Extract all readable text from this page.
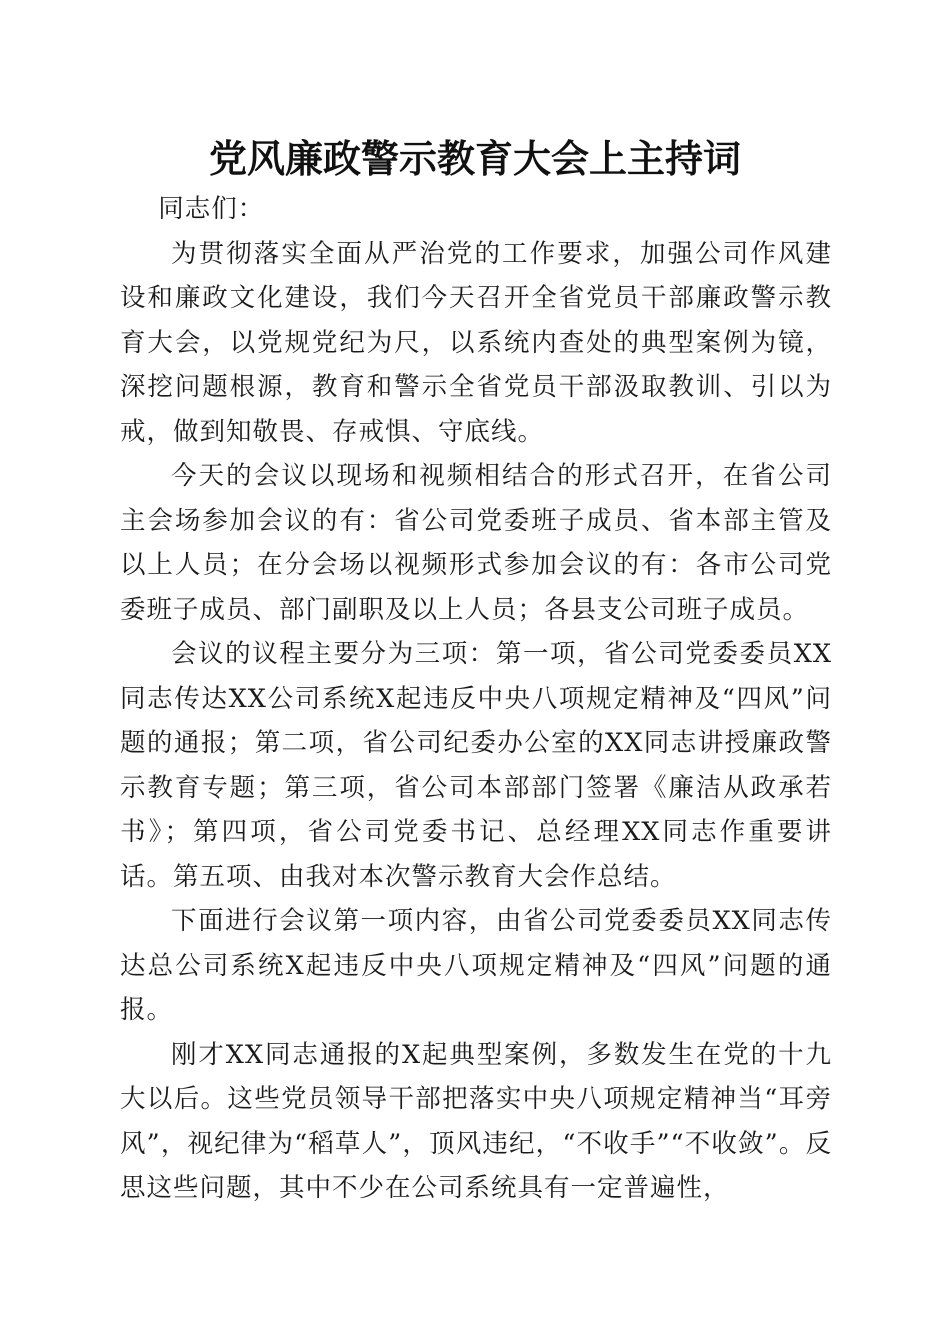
党风廉政警示教育大会上主持词

同志们：

为贯彻落实全面从严治党的工作要求，加强公司作风建设和廉政文化建设，我们今天召开全省党员干部廉政警示教育大会，以党规党纪为尺，以系统内查处的典型案例为镜，深挖问题根源，教育和警示全省党员干部汲取教训、引以为戒，做到知敬畏、存戒惧、守底线。

今天的会议以现场和视频相结合的形式召开，在省公司主会场参加会议的有：省公司党委班子成员、省本部主管及以上人员；在分会场以视频形式参加会议的有：各市公司党委班子成员、部门副职及以上人员；各县支公司班子成员。

会议的议程主要分为三项：第一项，省公司党委委员XX同志传达XX公司系统X起违反中央八项规定精神及“四风”问题的通报；第二项，省公司纪委办公室的XX同志讲授廉政警示教育专题；第三项，省公司本部部门签署《廉洁从政承若书》；第四项，省公司党委书记、总经理XX同志作重要讲话。第五项、由我对本次警示教育大会作总结。

下面进行会议第一项内容，由省公司党委委员XX同志传达总公司系统X起违反中央八项规定精神及“四风”问题的通报。

刚才XX同志通报的X起典型案例，多数发生在党的十九大以后。这些党员领导干部把落实中央八项规定精神当“耳旁风”，视纪律为“稻草人”，顶风违纪，“不收手”“不收敛”。反思这些问题，其中不少在公司系统具有一定普遍性，
